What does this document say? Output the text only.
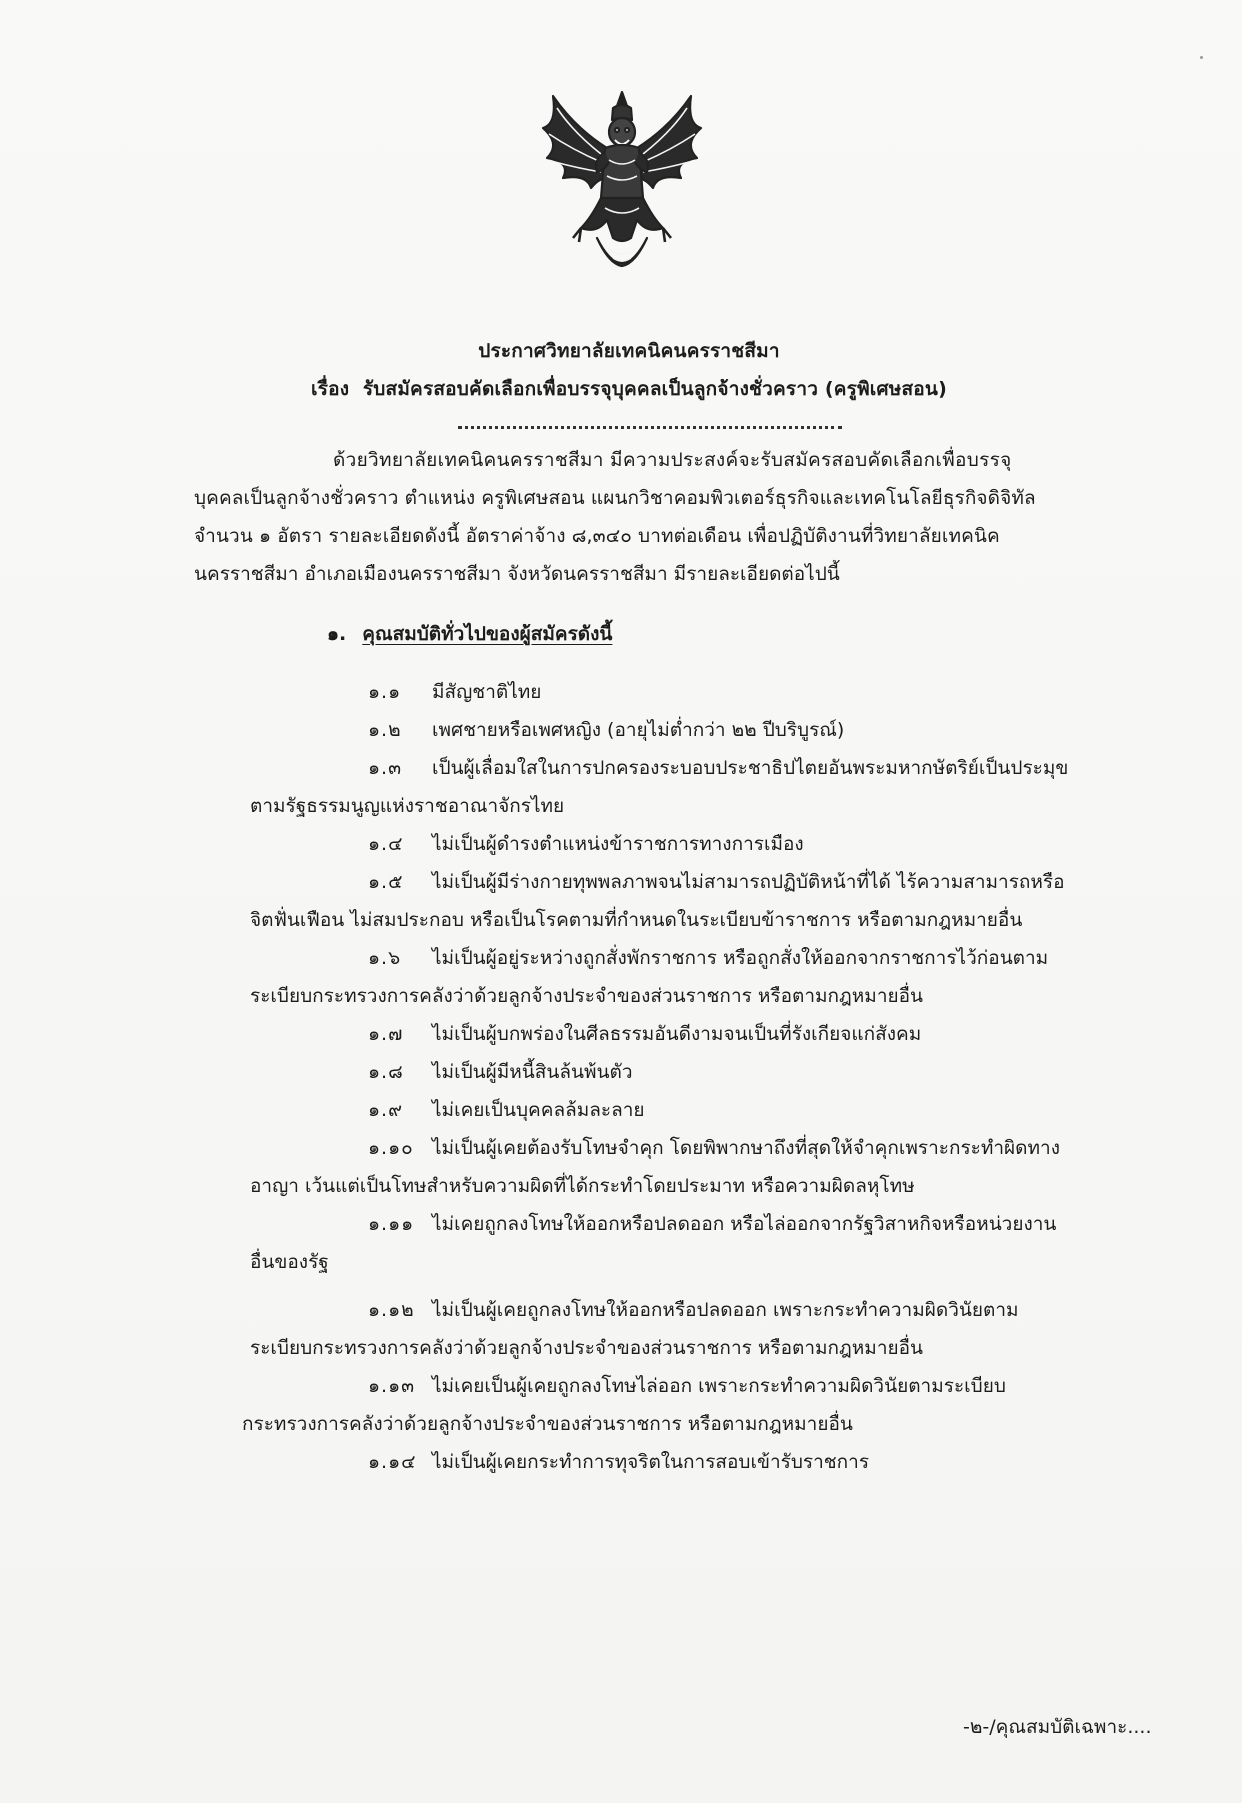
ประกาศวิทยาลัยเทคนิคนครราชสีมา
เรื่อง รับสมัครสอบคัดเลือกเพื่อบรรจุบุคคลเป็นลูกจ้างชั่วคราว (ครูพิเศษสอน)
ด้วยวิทยาลัยเทคนิคนครราชสีมา มีความประสงค์จะรับสมัครสอบคัดเลือกเพื่อบรรจุ
บุคคลเป็นลูกจ้างชั่วคราว ตำแหน่ง ครูพิเศษสอน แผนกวิชาคอมพิวเตอร์ธุรกิจและเทคโนโลยีธุรกิจดิจิทัล
จำนวน ๑ อัตรา รายละเอียดดังนี้ อัตราค่าจ้าง ๘,๓๔๐ บาทต่อเดือน เพื่อปฏิบัติงานที่วิทยาลัยเทคนิค
นครราชสีมา อำเภอเมืองนครราชสีมา จังหวัดนครราชสีมา มีรายละเอียดต่อไปนี้
๑. คุณสมบัติทั่วไปของผู้สมัครดังนี้
๑.๑ มีสัญชาติไทย
๑.๒ เพศชายหรือเพศหญิง (อายุไม่ต่ำกว่า ๒๒ ปีบริบูรณ์)
๑.๓ เป็นผู้เลื่อมใสในการปกครองระบอบประชาธิปไตยอันพระมหากษัตริย์เป็นประมุข
ตามรัฐธรรมนูญแห่งราชอาณาจักรไทย
๑.๔ ไม่เป็นผู้ดำรงตำแหน่งข้าราชการทางการเมือง
๑.๕ ไม่เป็นผู้มีร่างกายทุพพลภาพจนไม่สามารถปฏิบัติหน้าที่ได้ ไร้ความสามารถหรือ
จิตฟั่นเฟือน ไม่สมประกอบ หรือเป็นโรคตามที่กำหนดในระเบียบข้าราชการ หรือตามกฎหมายอื่น
๑.๖ ไม่เป็นผู้อยู่ระหว่างถูกสั่งพักราชการ หรือถูกสั่งให้ออกจากราชการไว้ก่อนตาม
ระเบียบกระทรวงการคลังว่าด้วยลูกจ้างประจำของส่วนราชการ หรือตามกฎหมายอื่น
๑.๗ ไม่เป็นผู้บกพร่องในศีลธรรมอันดีงามจนเป็นที่รังเกียจแก่สังคม
๑.๘ ไม่เป็นผู้มีหนี้สินล้นพ้นตัว
๑.๙ ไม่เคยเป็นบุคคลล้มละลาย
๑.๑๐ ไม่เป็นผู้เคยต้องรับโทษจำคุก โดยพิพากษาถึงที่สุดให้จำคุกเพราะกระทำผิดทาง
อาญา เว้นแต่เป็นโทษสำหรับความผิดที่ได้กระทำโดยประมาท หรือความผิดลหุโทษ
๑.๑๑ ไม่เคยถูกลงโทษให้ออกหรือปลดออก หรือไล่ออกจากรัฐวิสาหกิจหรือหน่วยงาน
อื่นของรัฐ
๑.๑๒ ไม่เป็นผู้เคยถูกลงโทษให้ออกหรือปลดออก เพราะกระทำความผิดวินัยตาม
ระเบียบกระทรวงการคลังว่าด้วยลูกจ้างประจำของส่วนราชการ หรือตามกฎหมายอื่น
๑.๑๓ ไม่เคยเป็นผู้เคยถูกลงโทษไล่ออก เพราะกระทำความผิดวินัยตามระเบียบ
กระทรวงการคลังว่าด้วยลูกจ้างประจำของส่วนราชการ หรือตามกฎหมายอื่น
๑.๑๔ ไม่เป็นผู้เคยกระทำการทุจริตในการสอบเข้ารับราชการ
-๒-/คุณสมบัติเฉพาะ....
